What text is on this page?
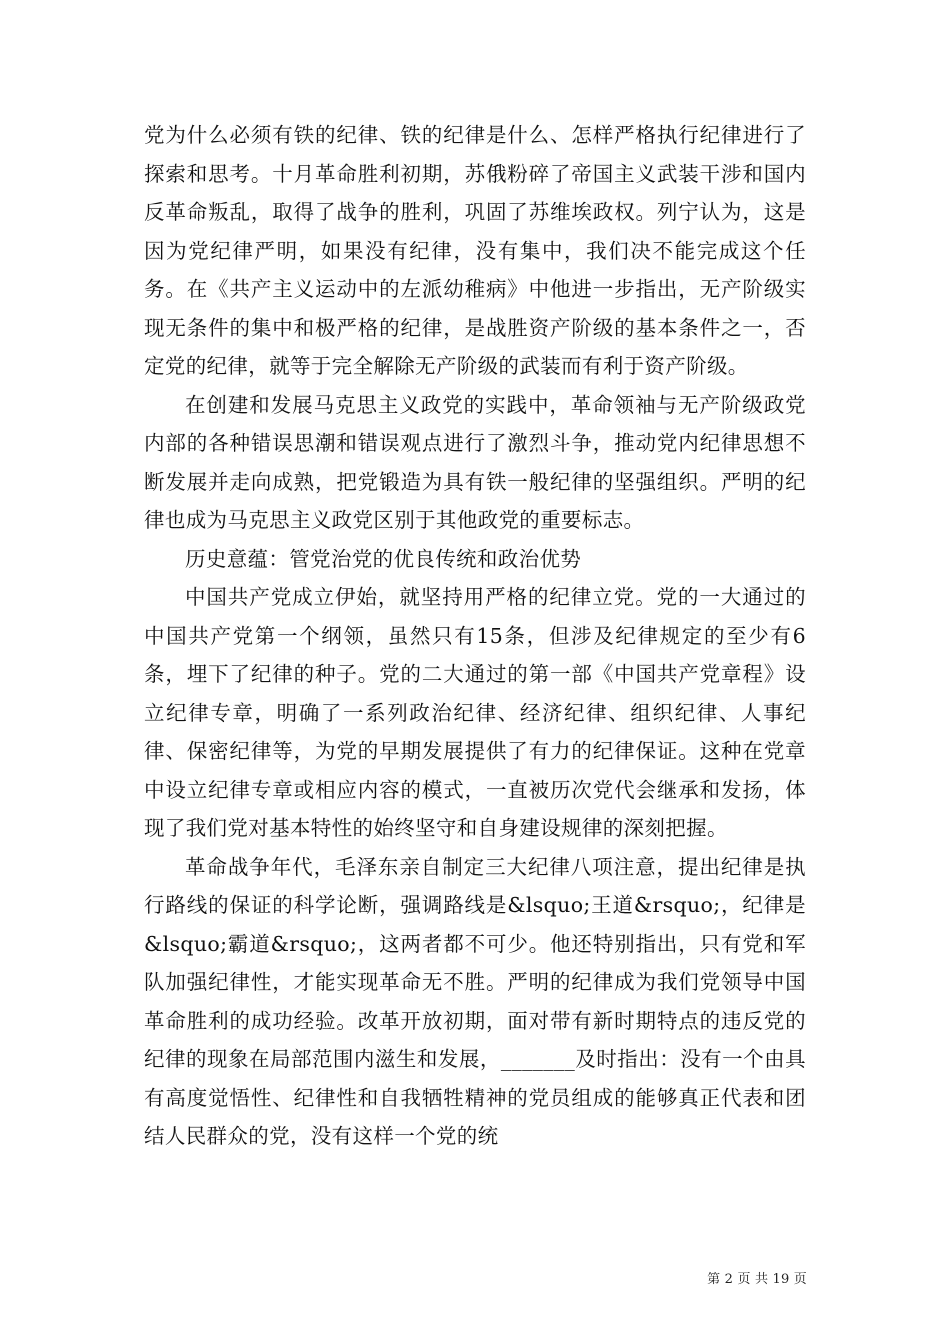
党为什么必须有铁的纪律、铁的纪律是什么、怎样严格执行纪律进行了探索和思考。十月革命胜利初期，苏俄粉碎了帝国主义武装干涉和国内反革命叛乱，取得了战争的胜利，巩固了苏维埃政权。列宁认为，这是因为党纪律严明，如果没有纪律，没有集中，我们决不能完成这个任务。在《共产主义运动中的左派幼稚病》中他进一步指出，无产阶级实现无条件的集中和极严格的纪律，是战胜资产阶级的基本条件之一，否定党的纪律，就等于完全解除无产阶级的武装而有利于资产阶级。

在创建和发展马克思主义政党的实践中，革命领袖与无产阶级政党内部的各种错误思潮和错误观点进行了激烈斗争，推动党内纪律思想不断发展并走向成熟，把党锻造为具有铁一般纪律的坚强组织。严明的纪律也成为马克思主义政党区别于其他政党的重要标志。

历史意蕴：管党治党的优良传统和政治优势

中国共产党成立伊始，就坚持用严格的纪律立党。党的一大通过的中国共产党第一个纲领，虽然只有15条，但涉及纪律规定的至少有6条，埋下了纪律的种子。党的二大通过的第一部《中国共产党章程》设立纪律专章，明确了一系列政治纪律、经济纪律、组织纪律、人事纪律、保密纪律等，为党的早期发展提供了有力的纪律保证。这种在党章中设立纪律专章或相应内容的模式，一直被历次党代会继承和发扬，体现了我们党对基本特性的始终坚守和自身建设规律的深刻把握。

革命战争年代，毛泽东亲自制定三大纪律八项注意，提出纪律是执行路线的保证的科学论断，强调路线是&lsquo;王道&rsquo;，纪律是&lsquo;霸道&rsquo;，这两者都不可少。他还特别指出，只有党和军队加强纪律性，才能实现革命无不胜。严明的纪律成为我们党领导中国革命胜利的成功经验。改革开放初期，面对带有新时期特点的违反党的纪律的现象在局部范围内滋生和发展，_______及时指出：没有一个由具有高度觉悟性、纪律性和自我牺牲精神的党员组成的能够真正代表和团结人民群众的党，没有这样一个党的统

第 2 页 共 19 页
